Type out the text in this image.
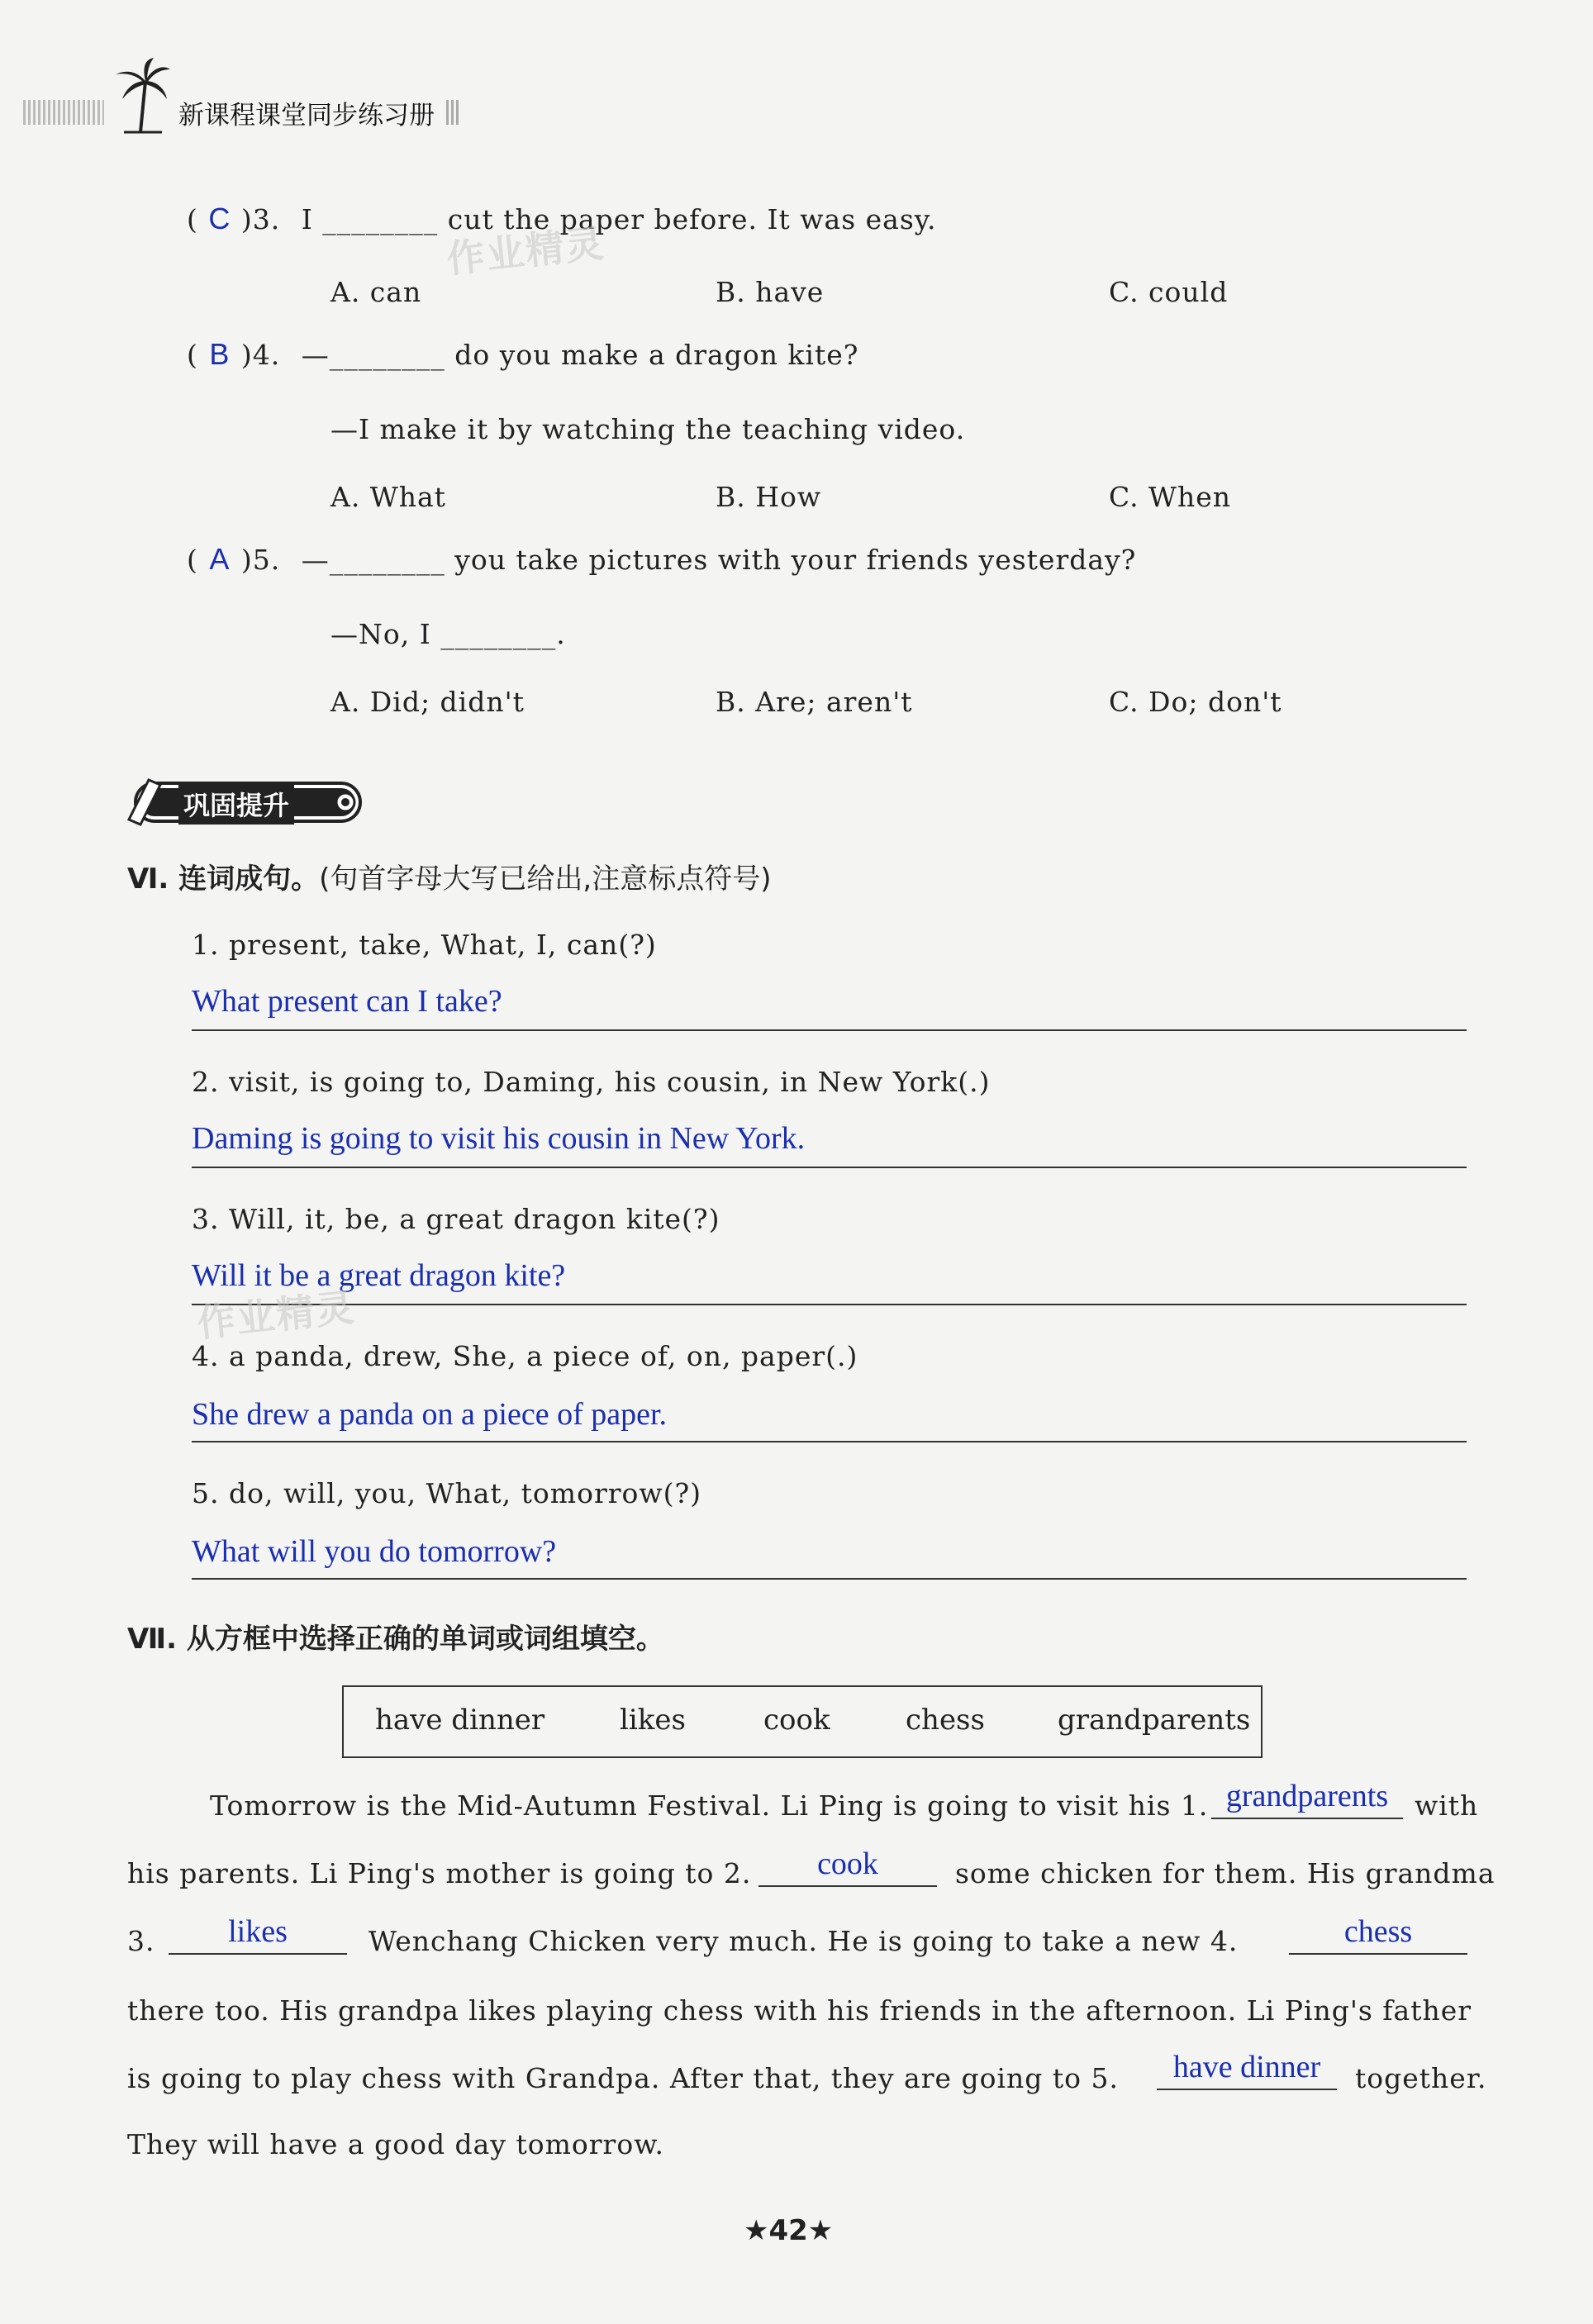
新课程课堂同步练习册
( C )3. I ________ cut the paper before. It was easy.
A. can	B. have	C. could
( B )4. —________ do you make a dragon kite?
—I make it by watching the teaching video.
A. What	B. How	C. When
( A )5. —________ you take pictures with your friends yesterday?
—No, I ________.
A. Did; didn't	B. Are; aren't	C. Do; don't
巩固提升
Ⅵ. 连词成句。(句首字母大写已给出,注意标点符号)
1. present, take, What, I, can(?)
What present can I take?
2. visit, is going to, Daming, his cousin, in New York(.)
Daming is going to visit his cousin in New York.
3. Will, it, be, a great dragon kite(?)
Will it be a great dragon kite?
4. a panda, drew, She, a piece of, on, paper(.)
She drew a panda on a piece of paper.
5. do, will, you, What, tomorrow(?)
What will you do tomorrow?
Ⅶ. 从方框中选择正确的单词或词组填空。
have dinner	likes	cook	chess	grandparents
Tomorrow is the Mid-Autumn Festival. Li Ping is going to visit his 1. grandparents with
his parents. Li Ping's mother is going to 2.	cook	some chicken for them. His grandma
3.	likes	Wenchang Chicken very much. He is going to take a new 4.	chess
there too. His grandpa likes playing chess with his friends in the afternoon. Li Ping's father
is going to play chess with Grandpa. After that, they are going to 5.	have dinner	together.
They will have a good day tomorrow.
★42★
作业精灵
作业精灵
